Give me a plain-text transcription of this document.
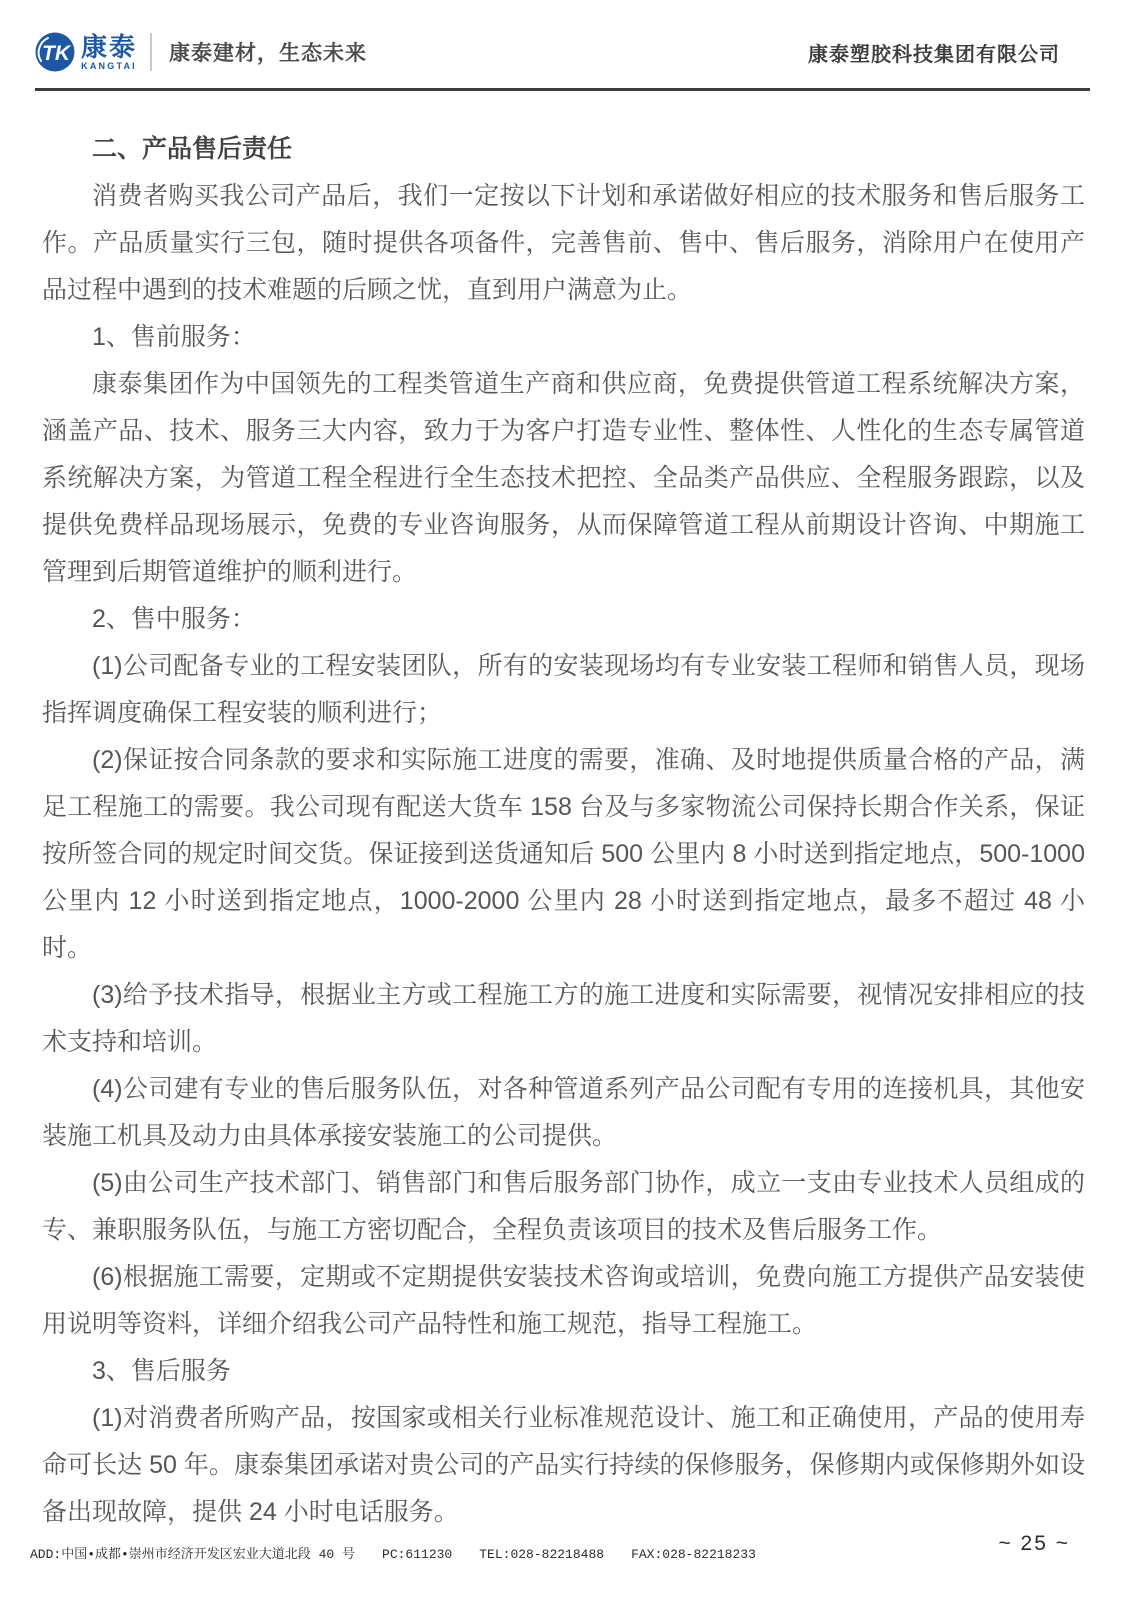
TK 康泰
KANGTAI
康泰建材，生态未来	康泰塑胶科技集团有限公司
二、产品售后责任

消费者购买我公司产品后，我们一定按以下计划和承诺做好相应的技术服务和售后服务工作。产品质量实行三包，随时提供各项备件，完善售前、售中、售后服务，消除用户在使用产品过程中遇到的技术难题的后顾之忧，直到用户满意为止。

1、售前服务：

康泰集团作为中国领先的工程类管道生产商和供应商，免费提供管道工程系统解决方案，涵盖产品、技术、服务三大内容，致力于为客户打造专业性、整体性、人性化的生态专属管道系统解决方案，为管道工程全程进行全生态技术把控、全品类产品供应、全程服务跟踪，以及提供免费样品现场展示，免费的专业咨询服务，从而保障管道工程从前期设计咨询、中期施工管理到后期管道维护的顺利进行。

2、售中服务：

(1)公司配备专业的工程安装团队，所有的安装现场均有专业安装工程师和销售人员，现场指挥调度确保工程安装的顺利进行；

(2)保证按合同条款的要求和实际施工进度的需要，准确、及时地提供质量合格的产品，满足工程施工的需要。我公司现有配送大货车 158 台及与多家物流公司保持长期合作关系，保证按所签合同的规定时间交货。保证接到送货通知后 500 公里内 8 小时送到指定地点，500-1000 公里内 12 小时送到指定地点，1000-2000 公里内 28 小时送到指定地点，最多不超过 48 小时。

(3)给予技术指导，根据业主方或工程施工方的施工进度和实际需要，视情况安排相应的技术支持和培训。

(4)公司建有专业的售后服务队伍，对各种管道系列产品公司配有专用的连接机具，其他安装施工机具及动力由具体承接安装施工的公司提供。

(5)由公司生产技术部门、销售部门和售后服务部门协作，成立一支由专业技术人员组成的专、兼职服务队伍，与施工方密切配合，全程负责该项目的技术及售后服务工作。

(6)根据施工需要，定期或不定期提供安装技术咨询或培训，免费向施工方提供产品安装使用说明等资料，详细介绍我公司产品特性和施工规范，指导工程施工。

3、售后服务

(1)对消费者所购产品，按国家或相关行业标准规范设计、施工和正确使用，产品的使用寿命可长达 50 年。康泰集团承诺对贵公司的产品实行持续的保修服务，保修期内或保修期外如设备出现故障，提供 24 小时电话服务。

ADD:中国•成都•崇州市经济开发区宏业大道北段 40 号 PC:611230 TEL:028-82218488 FAX:028-82218233	~ 25 ~
